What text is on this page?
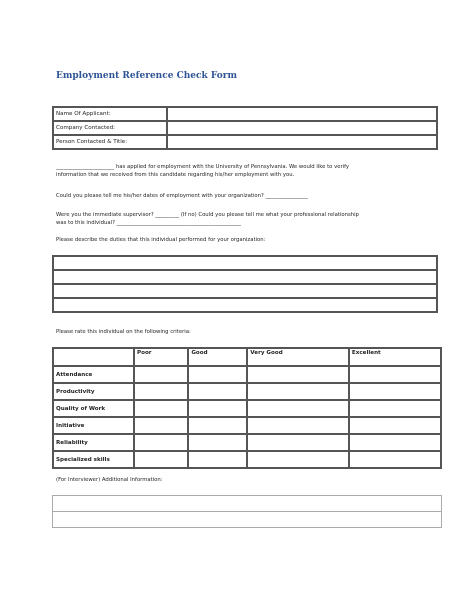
Employment Reference Check Form
Name Of Applicant:	
Company Contacted:	
Person Contacted & Title:	
______________________ has applied for employment with the University of Pennsylvania. We would like to verify
information that we received from this candidate regarding his/her employment with you.
Could you please tell me his/her dates of employment with your organization? ________________
Were you the immediate supervisor? _________ (If no) Could you please tell me what your professional relationship
was to this individual? _______________________________________________
Please describe the duties that this individual performed for your organization:

Please rate this individual on the following criteria:
	Poor	Good	Very Good	Excellent
Attendance				
Productivity				
Quality of Work				
Initiative				
Reliability				
Specialized skills				
(For Interviewer) Additional Information:
